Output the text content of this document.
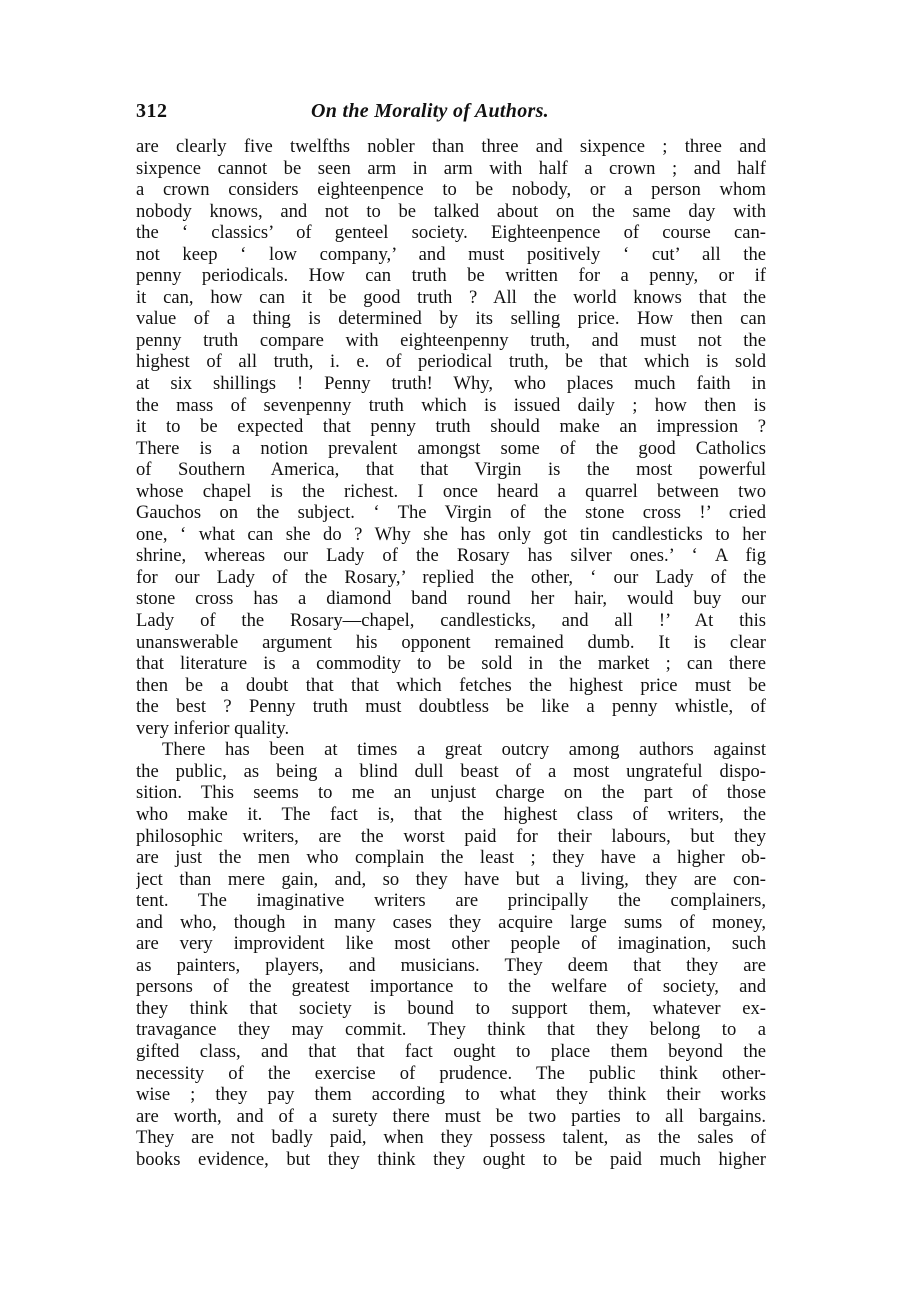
312	On the Morality of Authors.
are clearly five twelfths nobler than three and sixpence ; three and
sixpence cannot be seen arm in arm with half a crown ; and half
a crown considers eighteenpence to be nobody, or a person whom
nobody knows, and not to be talked about on the same day with
the ‘ classics’ of genteel society. Eighteenpence of course can-
not keep ‘ low company,’ and must positively ‘ cut’ all the
penny periodicals. How can truth be written for a penny, or if
it can, how can it be good truth ? All the world knows that the
value of a thing is determined by its selling price. How then can
penny truth compare with eighteenpenny truth, and must not the
highest of all truth, i. e. of periodical truth, be that which is sold
at six shillings ! Penny truth! Why, who places much faith in
the mass of sevenpenny truth which is issued daily ; how then is
it to be expected that penny truth should make an impression ?
There is a notion prevalent amongst some of the good Catholics
of Southern America, that that Virgin is the most powerful
whose chapel is the richest. I once heard a quarrel between two
Gauchos on the subject. ‘ The Virgin of the stone cross !’ cried
one, ‘ what can she do ? Why she has only got tin candlesticks to her
shrine, whereas our Lady of the Rosary has silver ones.’ ‘ A fig
for our Lady of the Rosary,’ replied the other, ‘ our Lady of the
stone cross has a diamond band round her hair, would buy our
Lady of the Rosary—chapel, candlesticks, and all !’ At this
unanswerable argument his opponent remained dumb. It is clear
that literature is a commodity to be sold in the market ; can there
then be a doubt that that which fetches the highest price must be
the best ? Penny truth must doubtless be like a penny whistle, of
very inferior quality.
There has been at times a great outcry among authors against
the public, as being a blind dull beast of a most ungrateful dispo-
sition. This seems to me an unjust charge on the part of those
who make it. The fact is, that the highest class of writers, the
philosophic writers, are the worst paid for their labours, but they
are just the men who complain the least ; they have a higher ob-
ject than mere gain, and, so they have but a living, they are con-
tent. The imaginative writers are principally the complainers,
and who, though in many cases they acquire large sums of money,
are very improvident like most other people of imagination, such
as painters, players, and musicians. They deem that they are
persons of the greatest importance to the welfare of society, and
they think that society is bound to support them, whatever ex-
travagance they may commit. They think that they belong to a
gifted class, and that that fact ought to place them beyond the
necessity of the exercise of prudence. The public think other-
wise ; they pay them according to what they think their works
are worth, and of a surety there must be two parties to all bargains.
They are not badly paid, when they possess talent, as the sales of
books evidence, but they think they ought to be paid much higher
